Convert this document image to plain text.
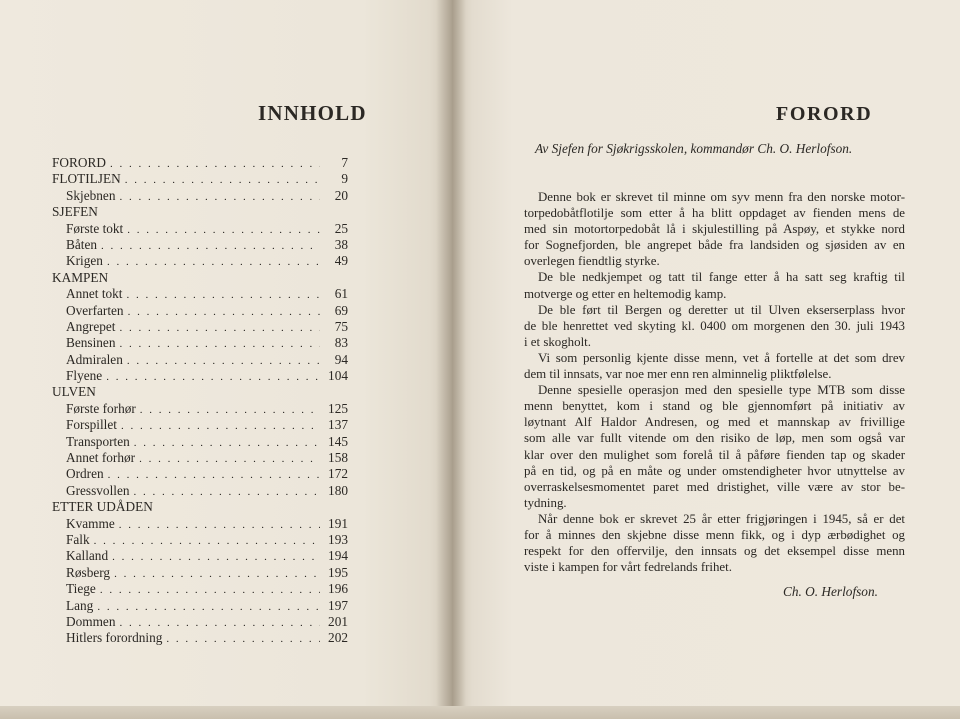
INNHOLD
FORORD . . .	7
FLOTILJEN . . .	9
Skjebnen . . .	20
SJEFEN
Første tokt . . .	25
Båten . . .	38
Krigen . . .	49
KAMPEN
Annet tokt . . .	61
Overfarten . . .	69
Angrepet . . .	75
Bensinen . . .	83
Admiralen . . .	94
Flyene . . .	104
ULVEN
Første forhør . . .	125
Forspillet . . .	137
Transporten . . .	145
Annet forhør . . .	158
Ordren . . .	172
Gressvollen . . .	180
ETTER UDÅDEN
Kvamme . . .	191
Falk . . .	193
Kalland . . .	194
Røsberg . . .	195
Tiege . . .	196
Lang . . .	197
Dommen . . .	201
Hitlers forordning . . .	202
FORORD
Av Sjefen for Sjøkrigsskolen, kommandør Ch. O. Herlofson.
Denne bok er skrevet til minne om syv menn fra den norske motor-
torpedobåtflotilje som etter å ha blitt oppdaget av fienden mens de
med sin motortorpedobåt lå i skjulestilling på Aspøy, et stykke nord
for Sognefjorden, ble angrepet både fra landsiden og sjøsiden av en
overlegen fiendtlig styrke.
De ble nedkjempet og tatt til fange etter å ha satt seg kraftig til
motverge og etter en heltemodig kamp.
De ble ført til Bergen og deretter ut til Ulven ekserserplass hvor
de ble henrettet ved skyting kl. 0400 om morgenen den 30. juli 1943
i et skogholt.
Vi som personlig kjente disse menn, vet å fortelle at det som drev
dem til innsats, var noe mer enn ren alminnelig pliktfølelse.
Denne spesielle operasjon med den spesielle type MTB som disse
menn benyttet, kom i stand og ble gjennomført på initiativ av
løytnant Alf Haldor Andresen, og med et mannskap av frivillige
som alle var fullt vitende om den risiko de løp, men som også var
klar over den mulighet som forelå til å påføre fienden tap og skader
på en tid, og på en måte og under omstendigheter hvor utnyttelse av
overraskelsesmomentet paret med dristighet, ville være av stor be-
tydning.
Når denne bok er skrevet 25 år etter frigjøringen i 1945, så er det
for å minnes den skjebne disse menn fikk, og i dyp ærbødighet og
respekt for den offervilje, den innsats og det eksempel disse menn
viste i kampen for vårt fedrelands frihet.
Ch. O. Herlofson.
